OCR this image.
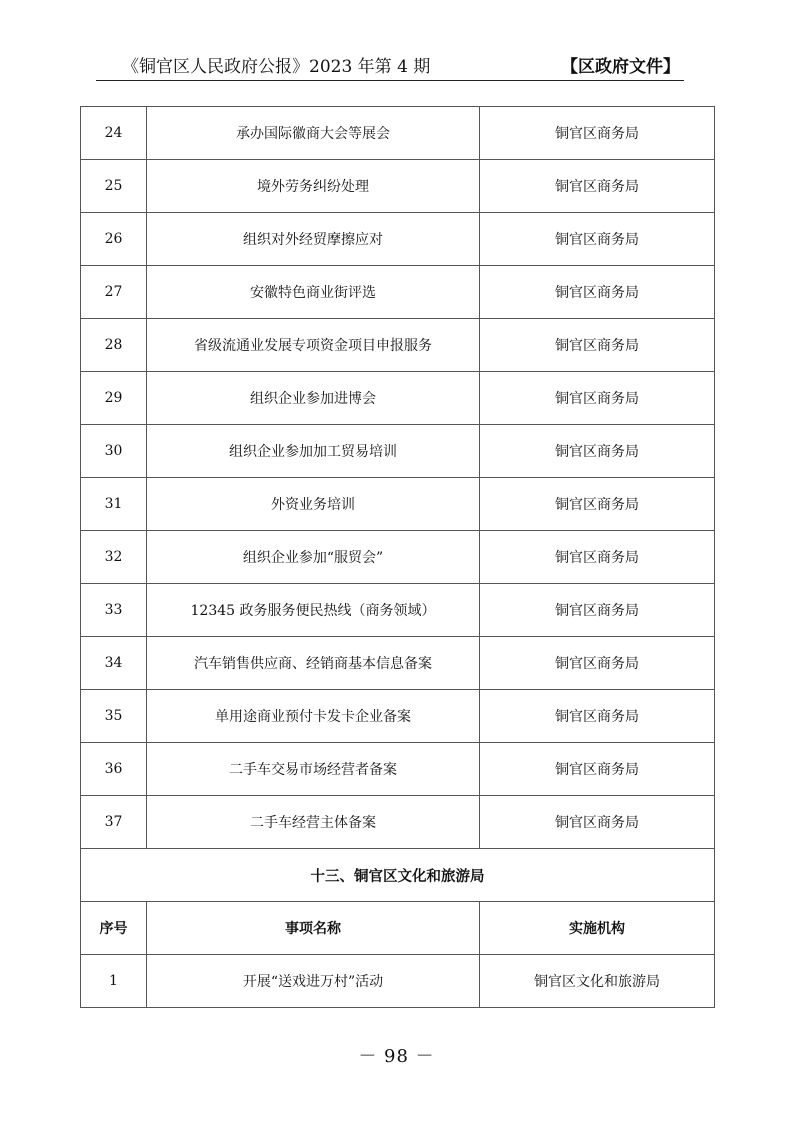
《铜官区人民政府公报》2023 年第 4 期	【区政府文件】
24	承办国际徽商大会等展会	铜官区商务局
25	境外劳务纠纷处理	铜官区商务局
26	组织对外经贸摩擦应对	铜官区商务局
27	安徽特色商业街评选	铜官区商务局
28	省级流通业发展专项资金项目申报服务	铜官区商务局
29	组织企业参加进博会	铜官区商务局
30	组织企业参加加工贸易培训	铜官区商务局
31	外资业务培训	铜官区商务局
32	组织企业参加“服贸会”	铜官区商务局
33	12345 政务服务便民热线（商务领域）	铜官区商务局
34	汽车销售供应商、经销商基本信息备案	铜官区商务局
35	单用途商业预付卡发卡企业备案	铜官区商务局
36	二手车交易市场经营者备案	铜官区商务局
37	二手车经营主体备案	铜官区商务局
十三、铜官区文化和旅游局		
序号	事项名称	实施机构
1	开展“送戏进万村”活动	铜官区文化和旅游局
－ 98 －
